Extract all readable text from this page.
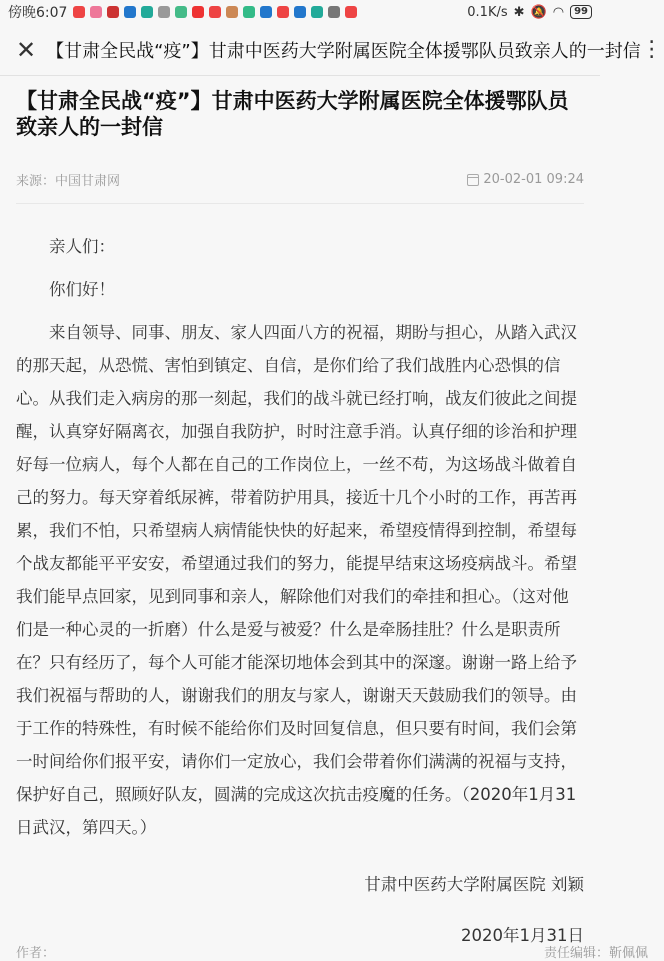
傍晚6:07	0.1K/s ✱ 🔕 ◠	99
✕ 【甘肃全民战“疫”】甘肃中医药大学附属医院全体援鄂队员致亲人的一封信 ⋮
【甘肃全民战“疫”】甘肃中医药大学附属医院全体援鄂队员致亲人的一封信
来源：中国甘肃网	20-02-01 09:24

亲人们：

你们好！

来自领导、同事、朋友、家人四面八方的祝福，期盼与担心，从踏入武汉的那天起，从恐慌、害怕到镇定、自信，是你们给了我们战胜内心恐惧的信心。从我们走入病房的那一刻起，我们的战斗就已经打响，战友们彼此之间提醒，认真穿好隔离衣，加强自我防护，时时注意手消。认真仔细的诊治和护理好每一位病人，每个人都在自己的工作岗位上，一丝不苟，为这场战斗做着自己的努力。每天穿着纸尿裤，带着防护用具，接近十几个小时的工作，再苦再累，我们不怕，只希望病人病情能快快的好起来，希望疫情得到控制，希望每个战友都能平平安安，希望通过我们的努力，能提早结束这场疫病战斗。希望我们能早点回家，见到同事和亲人，解除他们对我们的牵挂和担心。（这对他们是一种心灵的一折磨）什么是爱与被爱？什么是牵肠挂肚？什么是职责所在？只有经历了，每个人可能才能深切地体会到其中的深邃。谢谢一路上给予我们祝福与帮助的人，谢谢我们的朋友与家人，谢谢天天鼓励我们的领导。由于工作的特殊性，有时候不能给你们及时回复信息，但只要有时间，我们会第一时间给你们报平安，请你们一定放心，我们会带着你们满满的祝福与支持，保护好自己，照顾好队友，圆满的完成这次抗击疫魔的任务。（2020年1月31日武汉，第四天。）

甘肃中医药大学附属医院 刘颖
2020年1月31日
作者：	责任编辑：靳佩佩
